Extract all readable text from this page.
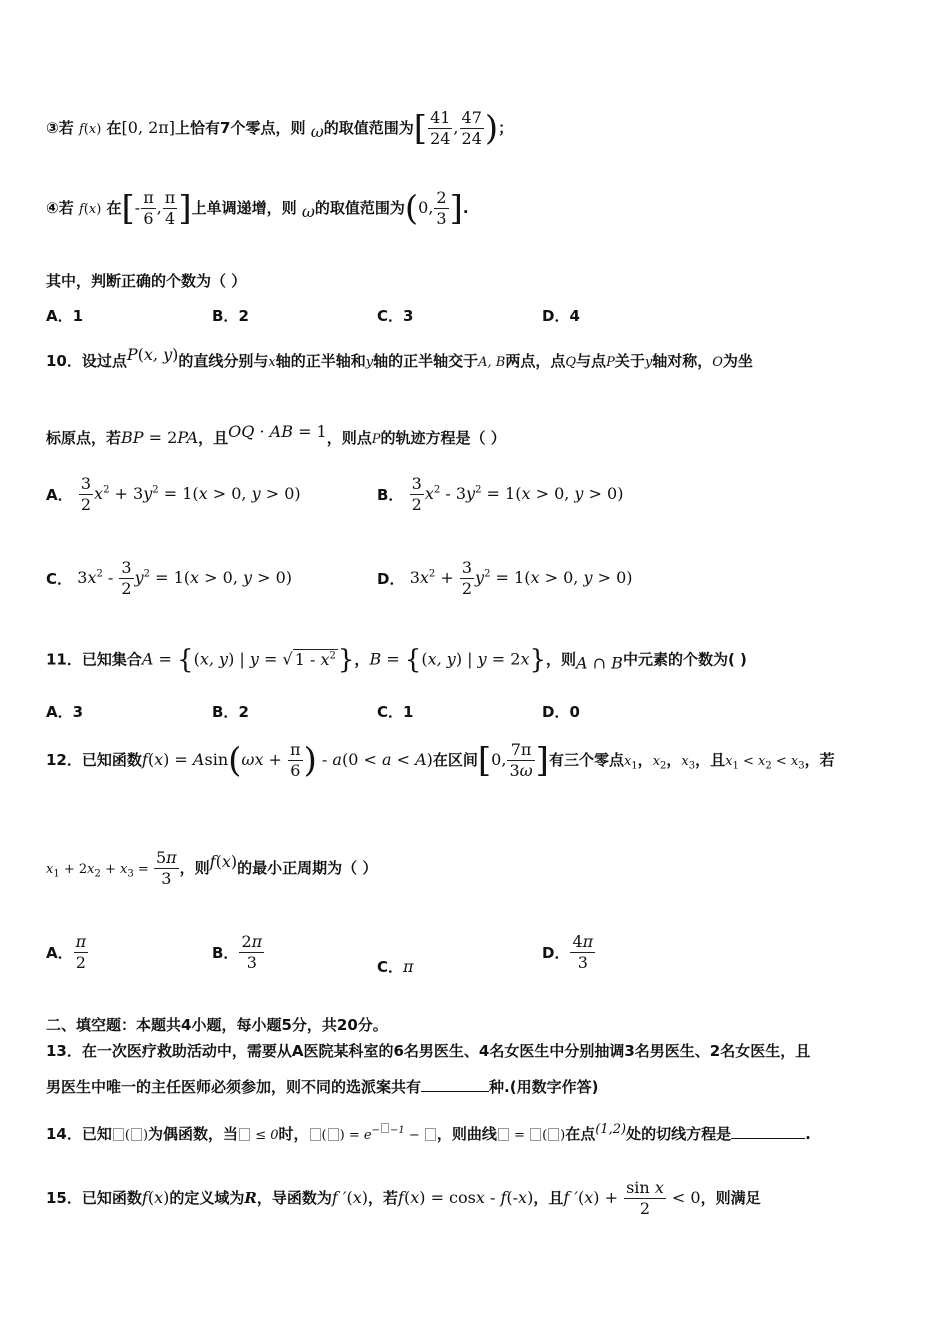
③若 f(x) 在[0, 2π]上恰有7个零点，则 ω的取值范围为[ $\frac{41}{24}$ , $\frac{47}{24}$ )；
④若 f(x) 在[- $\frac{\pi}{6}$ , $\frac{\pi}{4}$ ]上单调递增，则 ω的取值范围为(0, $\frac{2}{3}$ ].
其中，判断正确的个数为（ ）
A．1	B．2	C．3	D．4
10．设过点P(x, y)的直线分别与x轴的正半轴和y轴的正半轴交于A, B两点，点Q与点P关于y轴对称，O为坐
标原点，若BP = 2PA，且OQ · AB = 1，则点P的轨迹方程是（ ）
A． $\frac{3}{2} x^2 + 3y^2 = 1(x > 0$, y > 0)	B． $\frac{3}{2} x^2 - 3y^2 = 1(x > 0$, y > 0)
C． $3x^2 - \frac{3}{2} y^2 = 1(x > 0$, y > 0)	D． $3x^2 + \frac{3}{2} y^2 = 1(x > 0$, y > 0)
11．已知集合A = {(x, y) | y = √ $1 - x^2$}，B = {(x, y) | y = 2x}，则A ∩ B中元素的个数为( )
A．3	B．2	C．1	D．0
12．已知函数$f(x) = Asin(\omega x + \frac{\pi}{6}$ ) - a(0 < a < A)在区间[0, $\frac{7\pi}{3\omega}$ ]有三个零点$x_1$，$x_2$，$x_3$，且$x_1 < x_2 < x_3$，若
$x_1 + 2x_2 + x_3 = \frac{5\pi}{3}$ ，则f(x)的最小正周期为（ ）
A． $\frac{\pi}{2}$	B． $\frac{2\pi}{3}$	C．π
D． $\frac{4\pi}{3}$
二、填空题：本题共4小题，每小题5分，共20分。
13．在一次医疗救助活动中，需要从A医院某科室的6名男医生、4名女医生中分别抽调3名男医生、2名女医生，且
男医生中唯一的主任医师必须参加，则不同的选派案共有	种.(用数字作答)
14．已知 ( )为偶函数，当 ≤ 0时， ( ) = e− $^{-1}$ − ，则曲线 = ( )在点(1,2)处的切线方程是	.
15．已知函数f(x)的定义域为R，导函数为f ′(x)，若f(x) = cosx - f(-x)，且f $'(x) + \frac{\text{sin x}}{2} < 0$，则满足
